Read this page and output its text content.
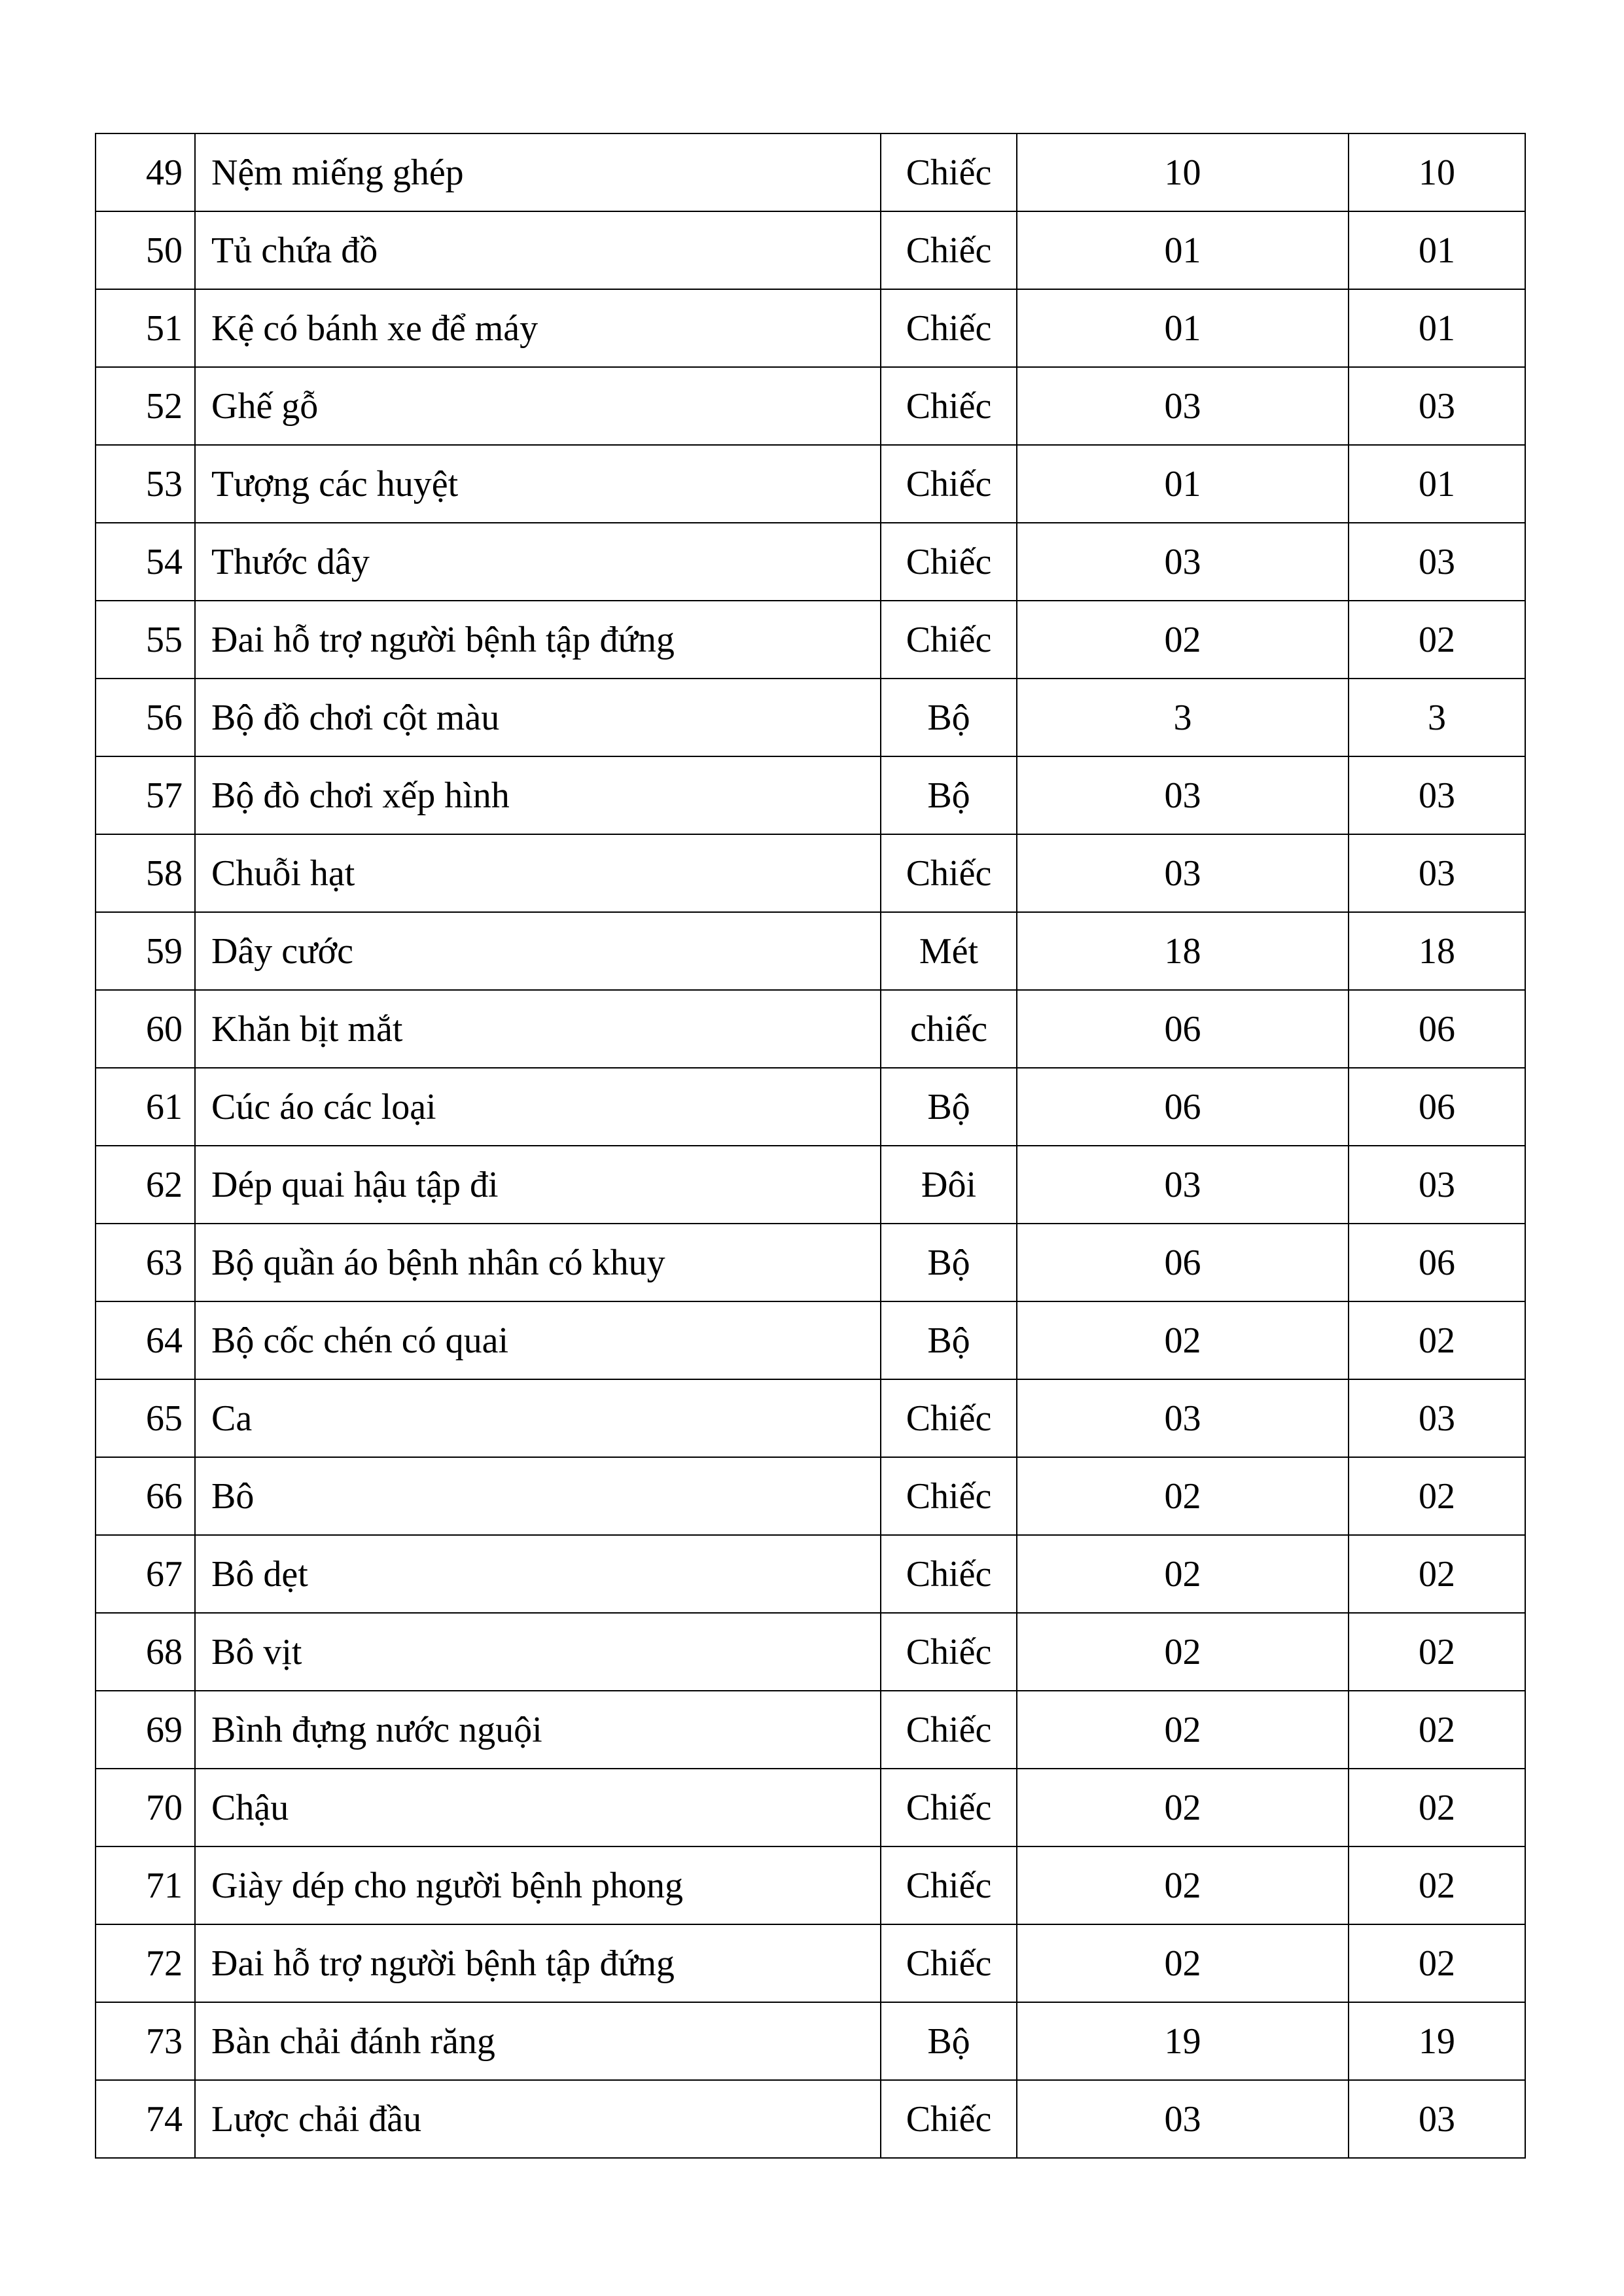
49	Nệm miếng ghép	Chiếc	10	10
50	Tủ chứa đồ	Chiếc	01	01
51	Kệ có bánh xe để máy	Chiếc	01	01
52	Ghế gỗ	Chiếc	03	03
53	Tượng các huyệt	Chiếc	01	01
54	Thước dây	Chiếc	03	03
55	Đai hỗ trợ người bệnh tập đứng	Chiếc	02	02
56	Bộ đồ chơi cột màu	Bộ	3	3
57	Bộ đò chơi xếp hình	Bộ	03	03
58	Chuỗi hạt	Chiếc	03	03
59	Dây cước	Mét	18	18
60	Khăn bịt mắt	chiếc	06	06
61	Cúc áo các loại	Bộ	06	06
62	Dép quai hậu tập đi	Đôi	03	03
63	Bộ quần áo bệnh nhân có khuy	Bộ	06	06
64	Bộ cốc chén có quai	Bộ	02	02
65	Ca	Chiếc	03	03
66	Bô	Chiếc	02	02
67	Bô dẹt	Chiếc	02	02
68	Bô vịt	Chiếc	02	02
69	Bình đựng nước nguội	Chiếc	02	02
70	Chậu	Chiếc	02	02
71	Giày dép cho người bệnh phong	Chiếc	02	02
72	Đai hỗ trợ người bệnh tập đứng	Chiếc	02	02
73	Bàn chải đánh răng	Bộ	19	19
74	Lược chải đầu	Chiếc	03	03
